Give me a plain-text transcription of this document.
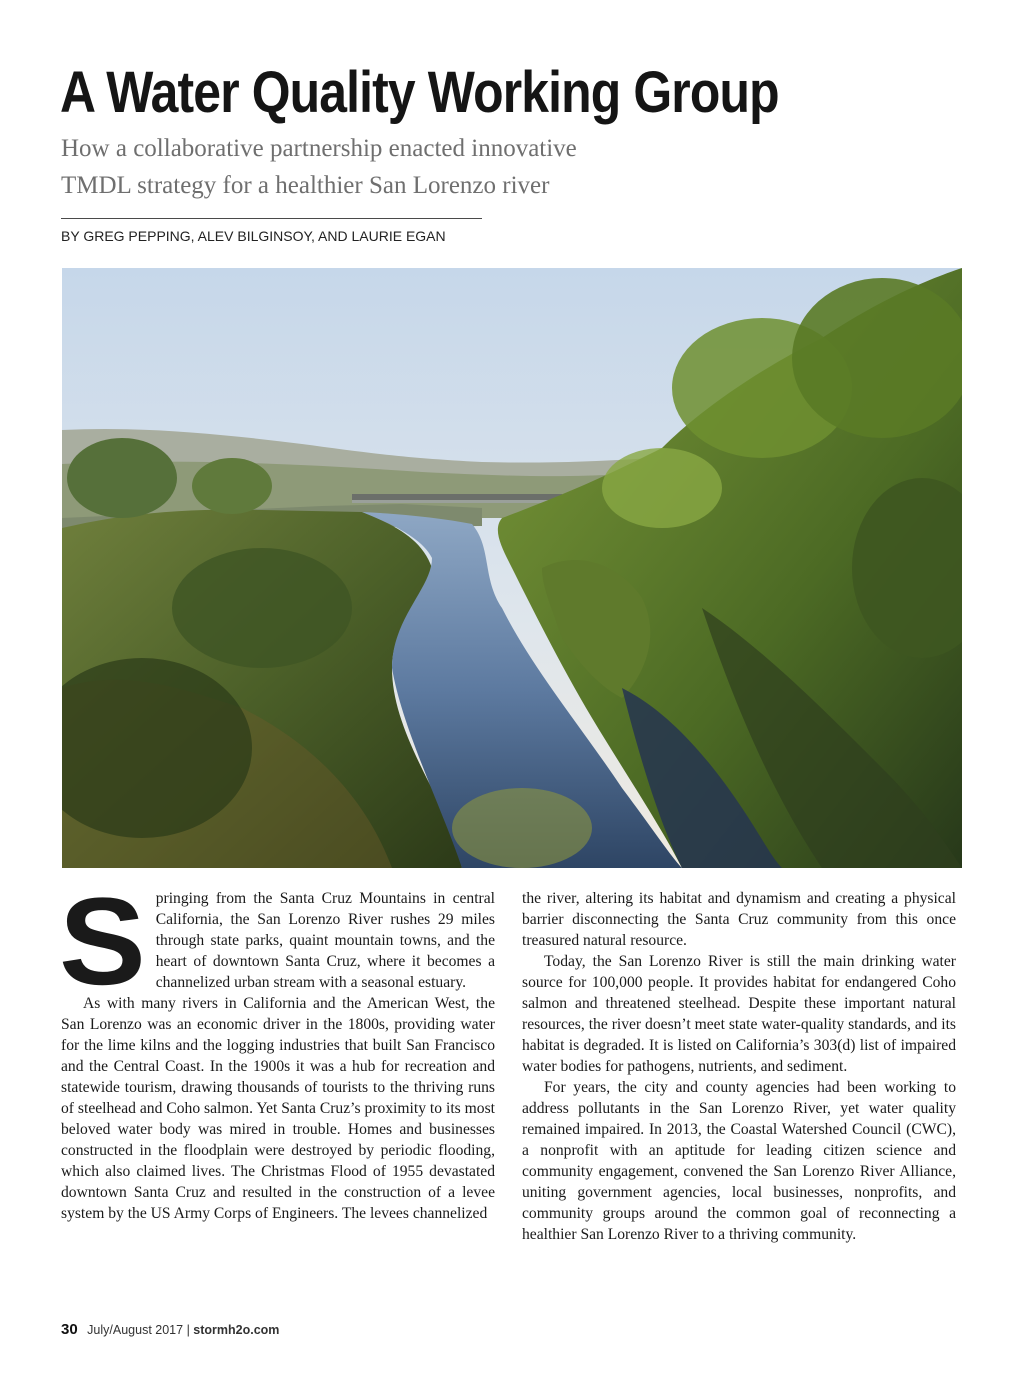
A Water Quality Working Group
How a collaborative partnership enacted innovative
TMDL strategy for a healthier San Lorenzo river
BY GREG PEPPING, ALEV BILGINSOY, AND LAURIE EGAN

S pringing from the Santa Cruz Mountains in central California, the San Lorenzo River rushes 29 miles through state parks, quaint mountain towns, and the heart of downtown Santa Cruz, where it becomes a channelized urban stream with a seasonal estuary.

As with many rivers in California and the American West, the San Lorenzo was an economic driver in the 1800s, providing water for the lime kilns and the logging industries that built San Francisco and the Central Coast. In the 1900s it was a hub for recreation and statewide tourism, drawing thousands of tourists to the thriving runs of steelhead and Coho salmon. Yet Santa Cruz’s proximity to its most beloved water body was mired in trouble. Homes and businesses constructed in the floodplain were destroyed by periodic flooding, which also claimed lives. The Christmas Flood of 1955 devastated downtown Santa Cruz and resulted in the construction of a levee system by the US Army Corps of Engineers. The levees channelized

the river, altering its habitat and dynamism and creating a physical barrier disconnecting the Santa Cruz community from this once treasured natural resource.

Today, the San Lorenzo River is still the main drinking water source for 100,000 people. It provides habitat for endangered Coho salmon and threatened steelhead. Despite these important natural resources, the river doesn’t meet state water-quality standards, and its habitat is degraded. It is listed on California’s 303(d) list of impaired water bodies for pathogens, nutrients, and sediment.

For years, the city and county agencies had been working to address pollutants in the San Lorenzo River, yet water quality remained impaired. In 2013, the Coastal Watershed Council (CWC), a nonprofit with an aptitude for leading citizen science and community engagement, convened the San Lorenzo River Alliance, uniting government agencies, local businesses, nonprofits, and community groups around the common goal of reconnecting a healthier San Lorenzo River to a thriving community.

30 July/August 2017 | stormh2o.com
